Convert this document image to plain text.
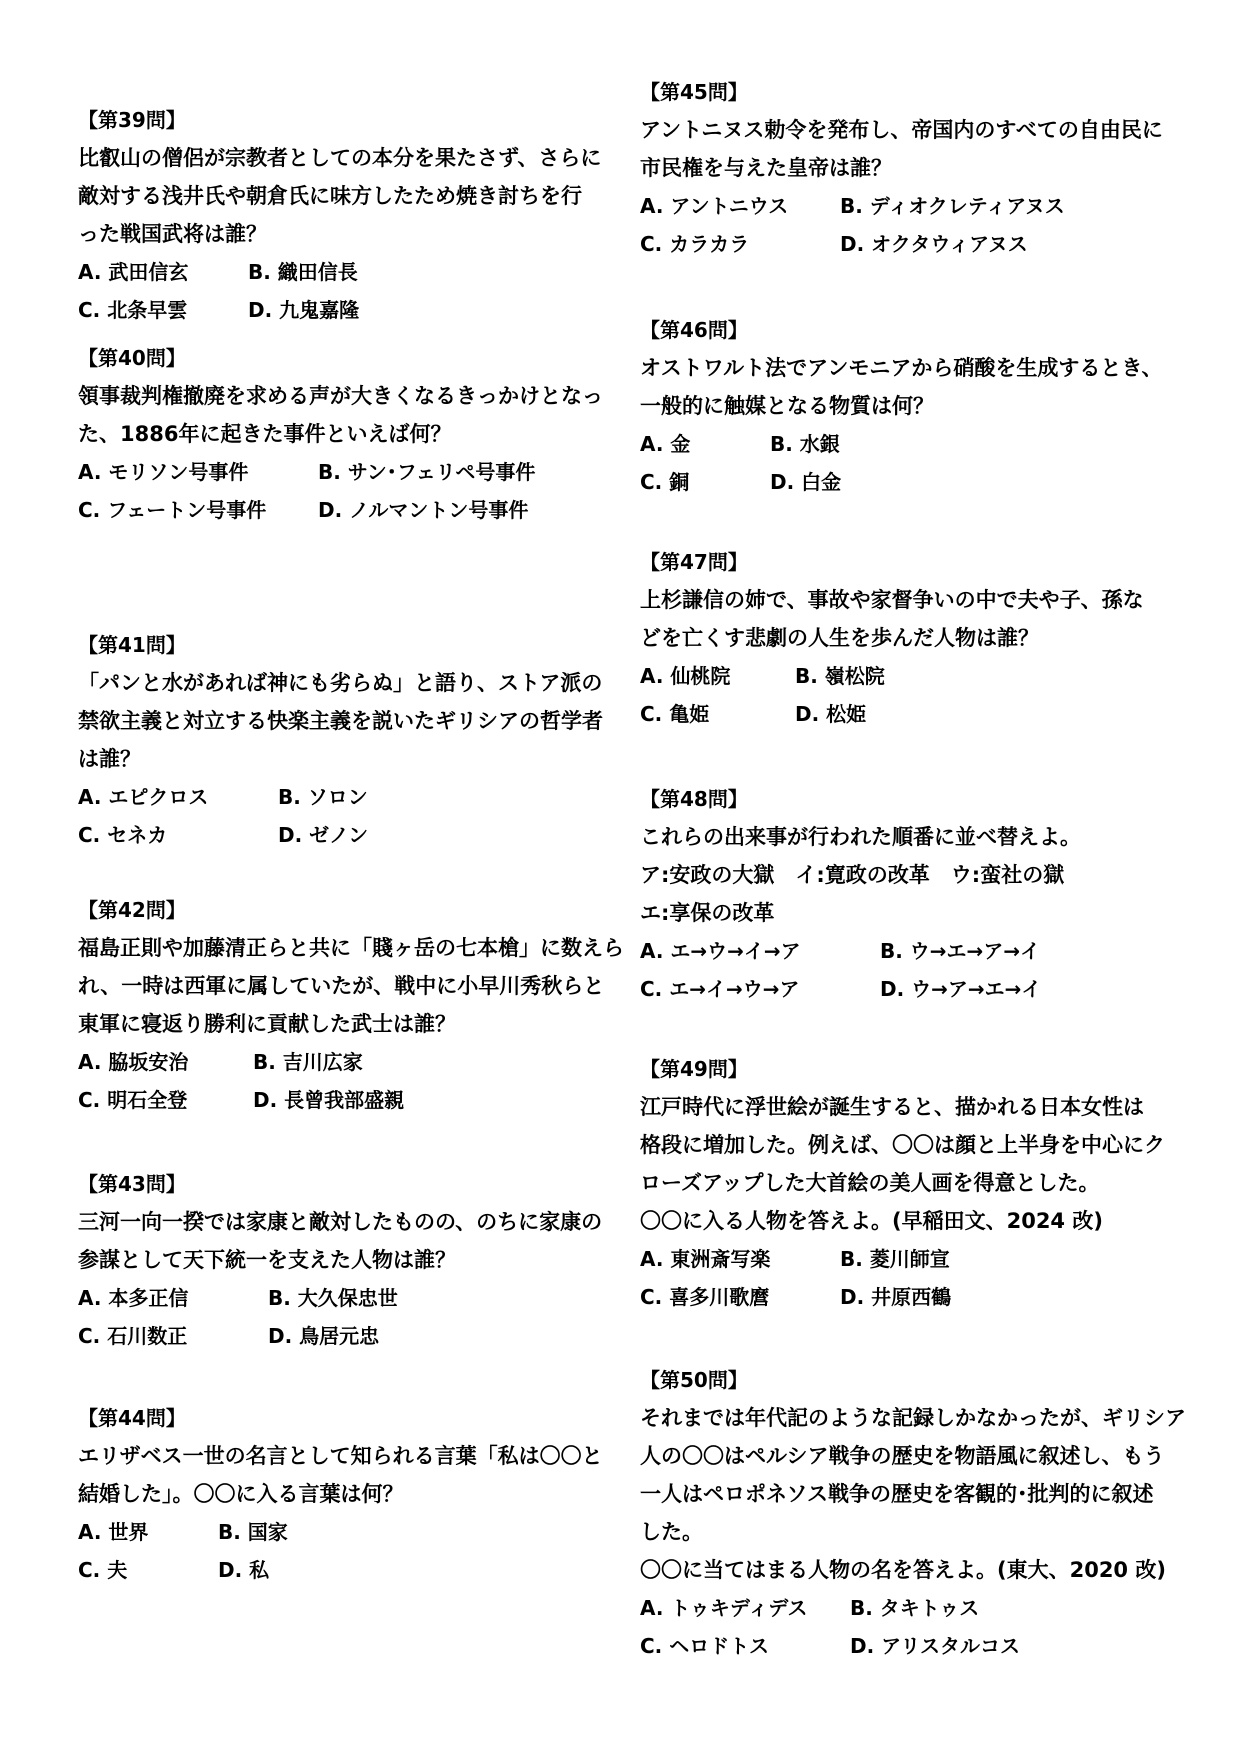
【第39問】
比叡山の僧侶が宗教者としての本分を果たさず、さらに
敵対する浅井氏や朝倉氏に味方したため焼き討ちを行
った戦国武将は誰？
A. 武田信玄	B. 織田信長
C. 北条早雲	D. 九鬼嘉隆
【第40問】
領事裁判権撤廃を求める声が大きくなるきっかけとなっ
た、1886年に起きた事件といえば何？
A. モリソン号事件	B. サン･フェリペ号事件
C. フェートン号事件	D. ノルマントン号事件
【第41問】
「パンと水があれば神にも劣らぬ」と語り、ストア派の
禁欲主義と対立する快楽主義を説いたギリシアの哲学者
は誰？
A. エピクロス	B. ソロン
C. セネカ	D. ゼノン
【第42問】
福島正則や加藤清正らと共に「賤ヶ岳の七本槍」に数えら
れ、一時は西軍に属していたが、戦中に小早川秀秋らと
東軍に寝返り勝利に貢献した武士は誰？
A. 脇坂安治	B. 吉川広家
C. 明石全登	D. 長曾我部盛親
【第43問】
三河一向一揆では家康と敵対したものの、のちに家康の
参謀として天下統一を支えた人物は誰？
A. 本多正信	B. 大久保忠世
C. 石川数正	D. 鳥居元忠
【第44問】
エリザベス一世の名言として知られる言葉「私は〇〇と
結婚した」。〇〇に入る言葉は何？
A. 世界	B. 国家
C. 夫	D. 私
【第45問】
アントニヌス勅令を発布し、帝国内のすべての自由民に
市民権を与えた皇帝は誰？
A. アントニウス	B. ディオクレティアヌス
C. カラカラ	D. オクタウィアヌス
【第46問】
オストワルト法でアンモニアから硝酸を生成するとき、
一般的に触媒となる物質は何？
A. 金	B. 水銀
C. 銅	D. 白金
【第47問】
上杉謙信の姉で、事故や家督争いの中で夫や子、孫な
どを亡くす悲劇の人生を歩んだ人物は誰？
A. 仙桃院	B. 嶺松院
C. 亀姫	D. 松姫
【第48問】
これらの出来事が行われた順番に並べ替えよ。
ア:安政の大獄　イ:寛政の改革　ウ:蛮社の獄
エ:享保の改革
A. エ→ウ→イ→ア	B. ウ→エ→ア→イ
C. エ→イ→ウ→ア	D. ウ→ア→エ→イ
【第49問】
江戸時代に浮世絵が誕生すると、描かれる日本女性は
格段に増加した。例えば、〇〇は顔と上半身を中心にク
ローズアップした大首絵の美人画を得意とした。
〇〇に入る人物を答えよ。(早稲田文、2024 改)
A. 東洲斎写楽	B. 菱川師宣
C. 喜多川歌麿	D. 井原西鶴
【第50問】
それまでは年代記のような記録しかなかったが、ギリシア
人の〇〇はペルシア戦争の歴史を物語風に叙述し、もう
一人はペロポネソス戦争の歴史を客観的･批判的に叙述
した。
〇〇に当てはまる人物の名を答えよ。(東大、2020 改)
A. トゥキディデス	B. タキトゥス
C. ヘロドトス	D. アリスタルコス
